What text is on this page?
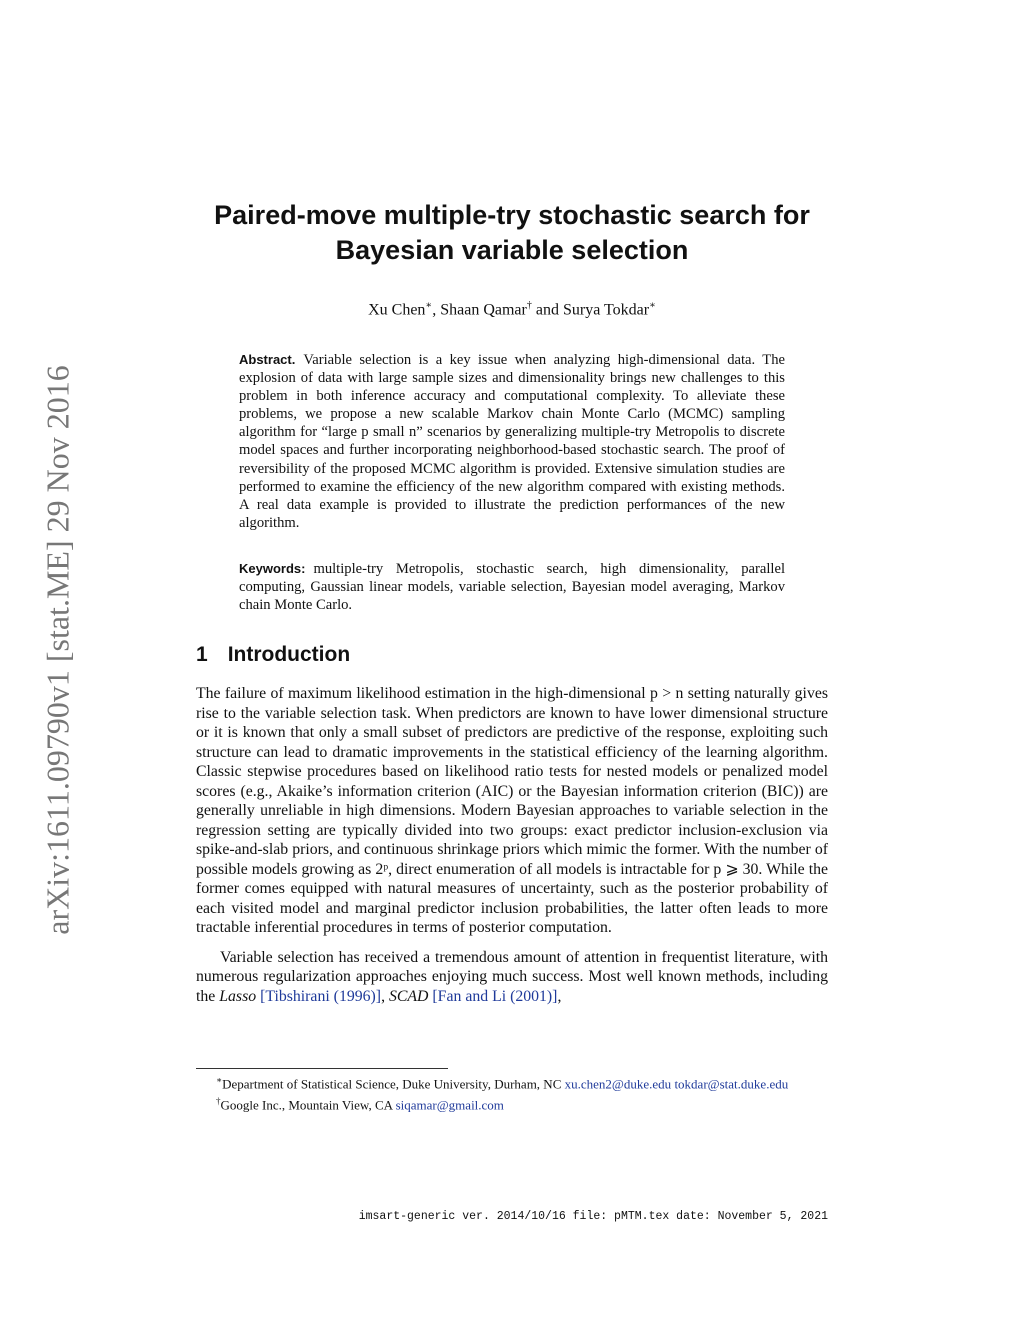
arXiv:1611.09790v1 [stat.ME] 29 Nov 2016
Paired-move multiple-try stochastic search for
Bayesian variable selection
Xu Chen∗, Shaan Qamar† and Surya Tokdar∗
Abstract. Variable selection is a key issue when analyzing high-dimensional data. The explosion of data with large sample sizes and dimensionality brings new challenges to this problem in both inference accuracy and computational complexity. To alleviate these problems, we propose a new scalable Markov chain Monte Carlo (MCMC) sampling algorithm for “large p small n” scenarios by generalizing multiple-try Metropolis to discrete model spaces and further incorporating neighborhood-based stochastic search. The proof of reversibility of the proposed MCMC algorithm is provided. Extensive simulation studies are performed to examine the efficiency of the new algorithm compared with existing methods. A real data example is provided to illustrate the prediction performances of the new algorithm.
Keywords: multiple-try Metropolis, stochastic search, high dimensionality, parallel computing, Gaussian linear models, variable selection, Bayesian model averaging, Markov chain Monte Carlo.
1 Introduction

The failure of maximum likelihood estimation in the high-dimensional p > n setting naturally gives rise to the variable selection task. When predictors are known to have lower dimensional structure or it is known that only a small subset of predictors are predictive of the response, exploiting such structure can lead to dramatic improvements in the statistical efficiency of the learning algorithm. Classic stepwise procedures based on likelihood ratio tests for nested models or penalized model scores (e.g., Akaike’s information criterion (AIC) or the Bayesian information criterion (BIC)) are generally unreliable in high dimensions. Modern Bayesian approaches to variable selection in the regression setting are typically divided into two groups: exact predictor inclusion-exclusion via spike-and-slab priors, and continuous shrinkage priors which mimic the former. With the number of possible models growing as 2ᵖ, direct enumeration of all models is intractable for p ⩾ 30. While the former comes equipped with natural measures of uncertainty, such as the posterior probability of each visited model and marginal predictor inclusion probabilities, the latter often leads to more tractable inferential procedures in terms of posterior computation.

Variable selection has received a tremendous amount of attention in frequentist literature, with numerous regularization approaches enjoying much success. Most well known methods, including the Lasso [Tibshirani (1996)], SCAD [Fan and Li (2001)],

∗Department of Statistical Science, Duke University, Durham, NC xu.chen2@duke.edu tokdar@stat.duke.edu

†Google Inc., Mountain View, CA siqamar@gmail.com

imsart-generic ver. 2014/10/16 file: pMTM.tex date: November 5, 2021
